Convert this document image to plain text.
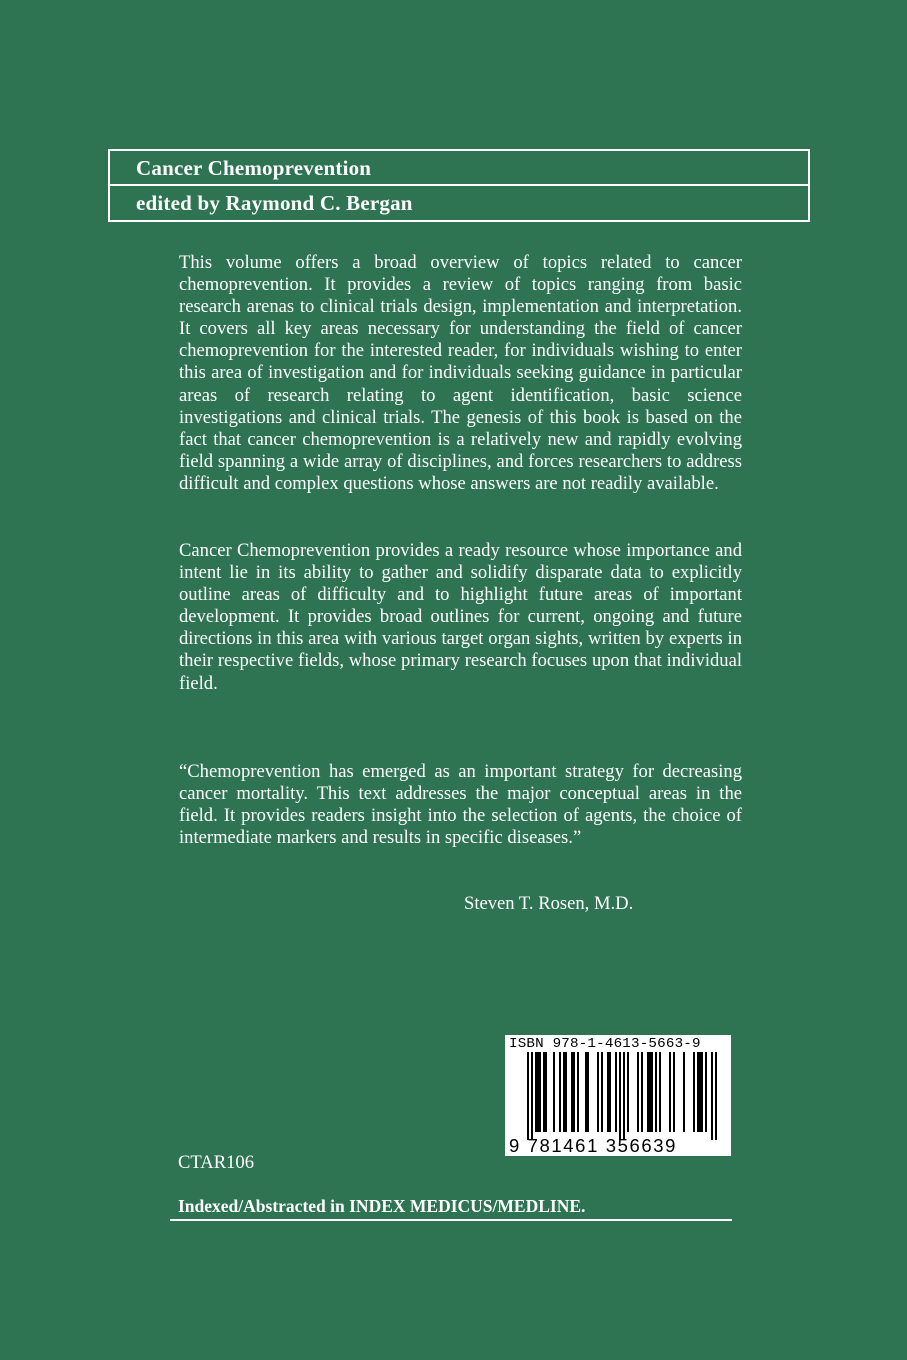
Cancer Chemoprevention
edited by Raymond C. Bergan

This volume offers a broad overview of topics related to cancer chemoprevention. It provides a review of topics ranging from basic research arenas to clinical trials design, implementation and interpretation. It covers all key areas necessary for understanding the field of cancer chemoprevention for the interested reader, for individuals wishing to enter this area of investigation and for individuals seeking guidance in particular areas of research relating to agent identification, basic science investigations and clinical trials. The genesis of this book is based on the fact that cancer chemoprevention is a relatively new and rapidly evolving field spanning a wide array of disciplines, and forces researchers to address difficult and complex questions whose answers are not readily available.

Cancer Chemoprevention provides a ready resource whose importance and intent lie in its ability to gather and solidify disparate data to explicitly outline areas of difficulty and to highlight future areas of important development. It provides broad outlines for current, ongoing and future directions in this area with various target organ sights, written by experts in their respective fields, whose primary research focuses upon that individual field.

“Chemoprevention has emerged as an important strategy for decreasing cancer mortality. This text addresses the major conceptual areas in the field. It provides readers insight into the selection of agents, the choice of intermediate markers and results in specific diseases.”

Steven T. Rosen, M.D.
ISBN 978-1-4613-5663-9
9 781461 356639
CTAR106
Indexed/Abstracted in INDEX MEDICUS/MEDLINE.
